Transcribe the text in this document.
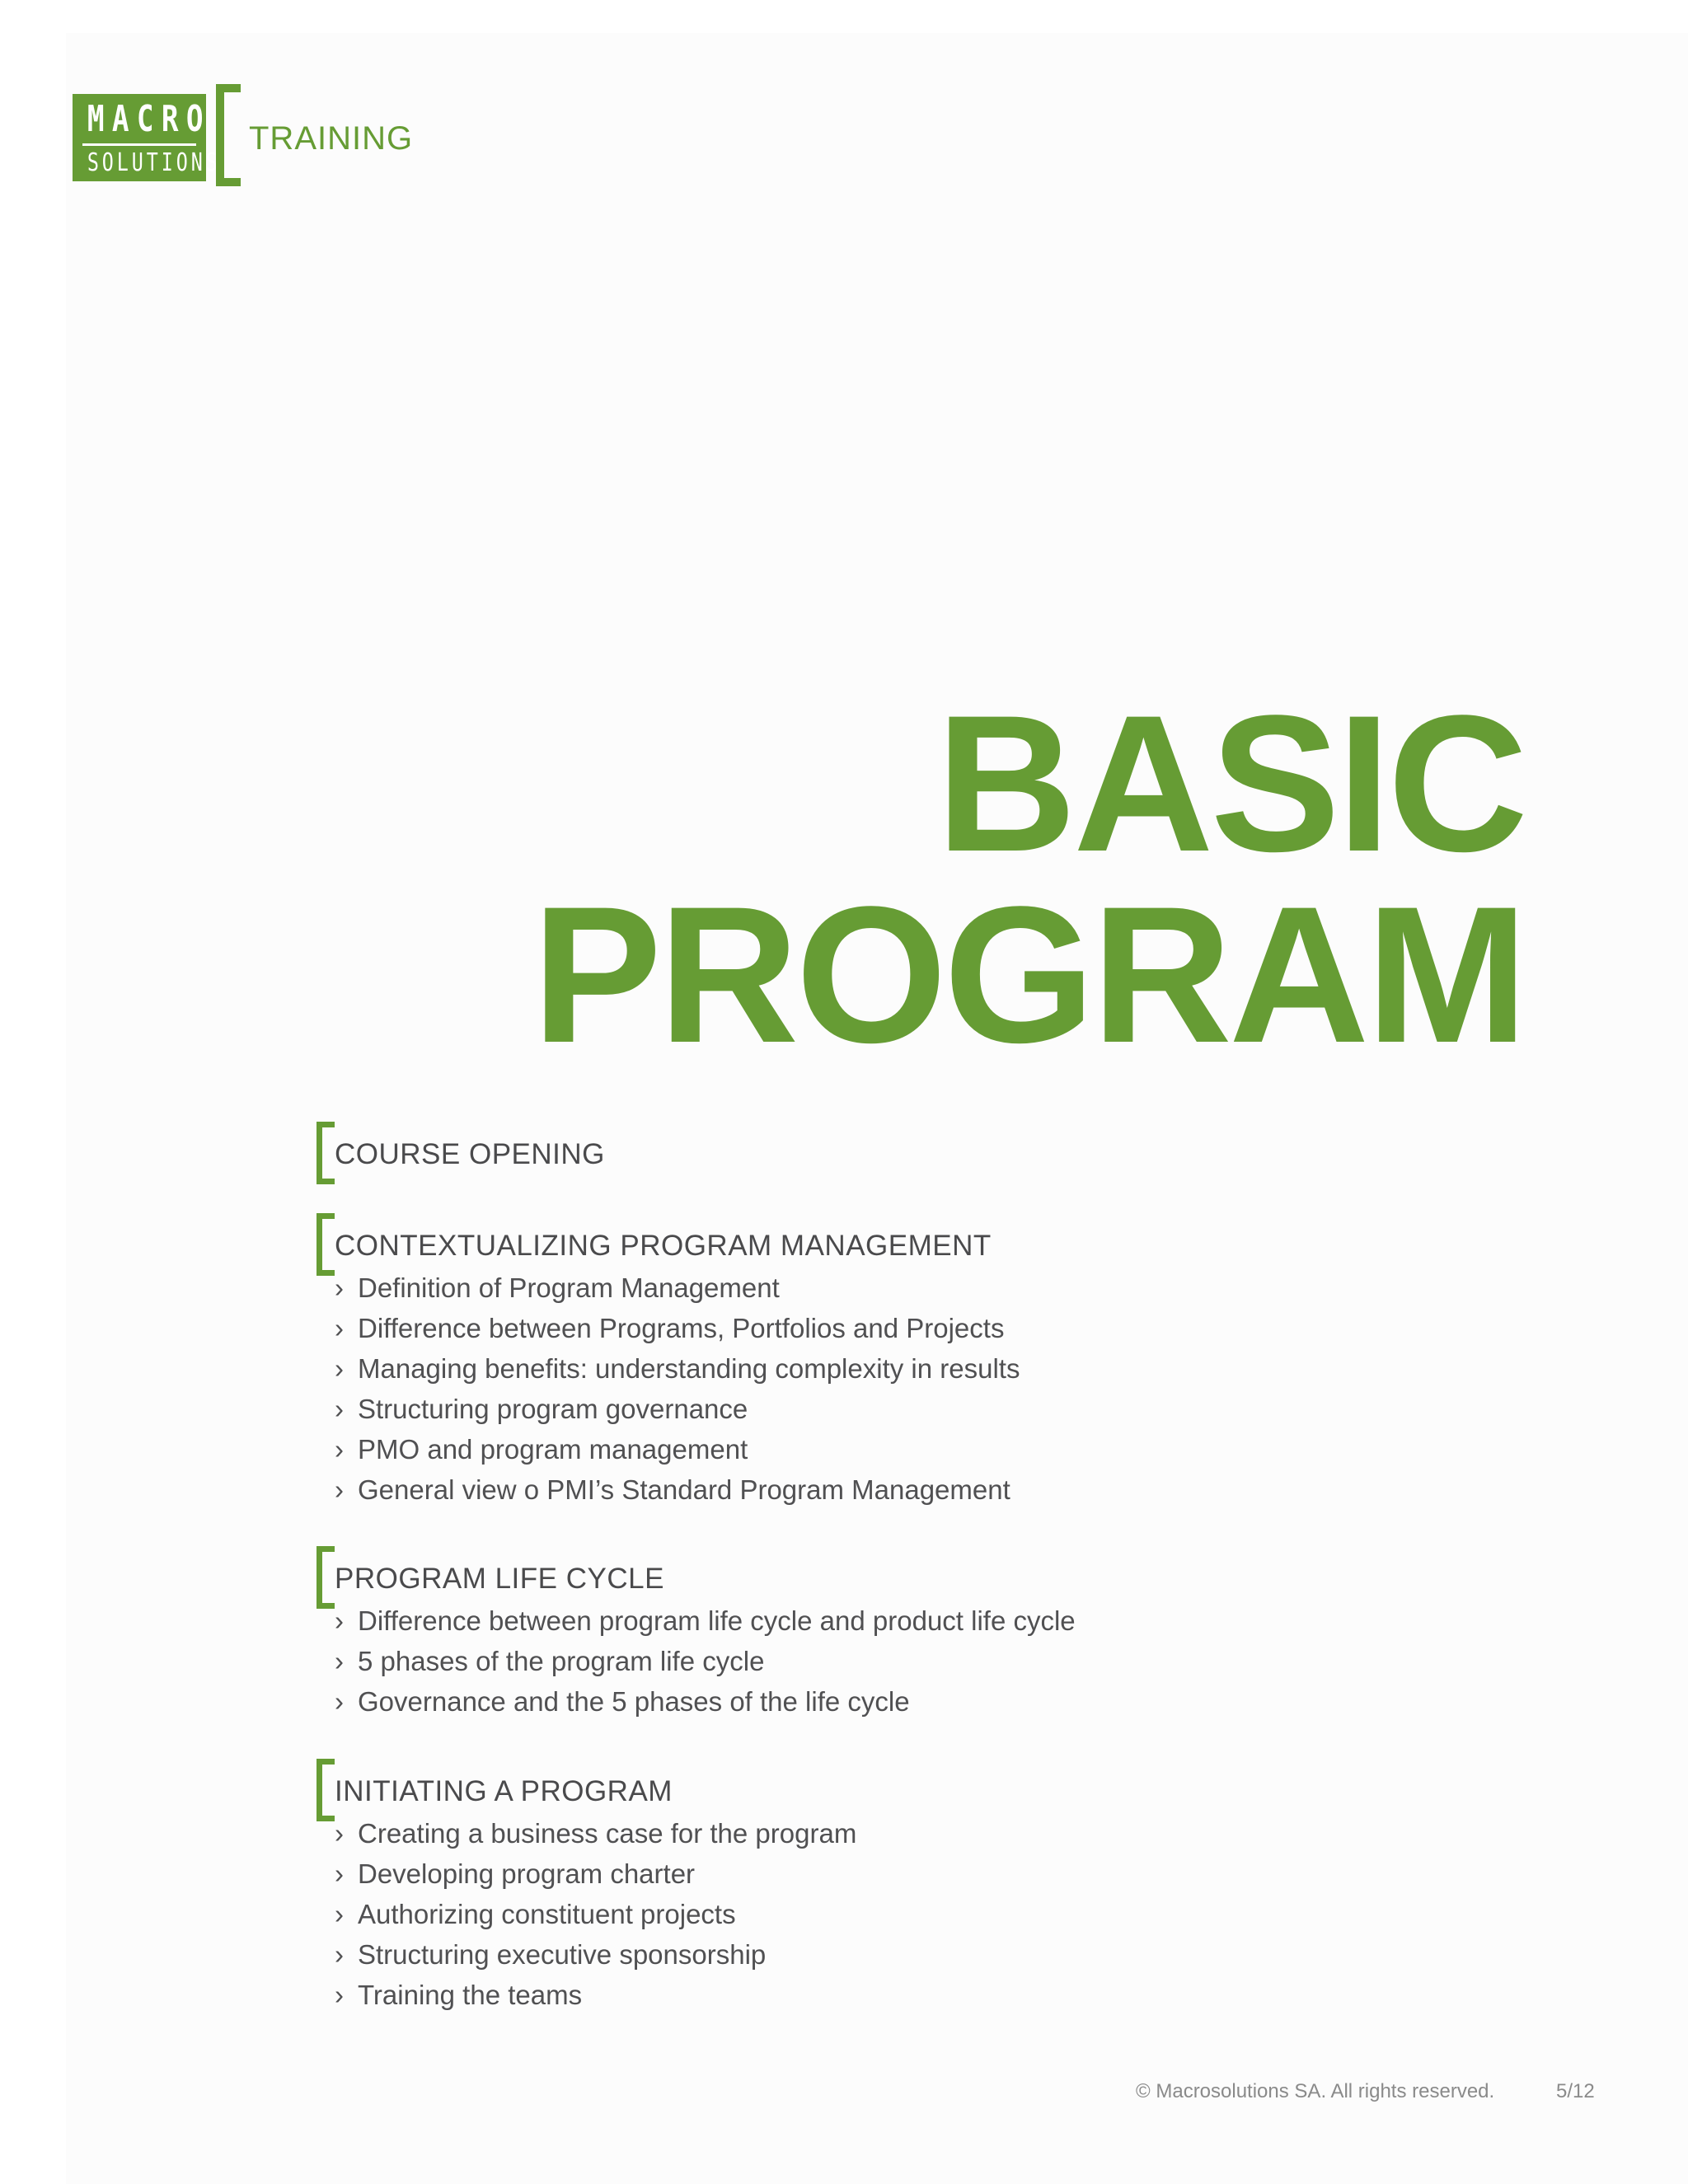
MACRO
SOLUTIONS
TRAINING
BASIC
PROGRAM
COURSE OPENING
CONTEXTUALIZING PROGRAM MANAGEMENT
› Definition of Program Management
› Difference between Programs, Portfolios and Projects
› Managing benefits: understanding complexity in results
› Structuring program governance
› PMO and program management
› General view o PMI’s Standard Program Management
PROGRAM LIFE CYCLE
› Difference between program life cycle and product life cycle
› 5 phases of the program life cycle
› Governance and the 5 phases of the life cycle
INITIATING A PROGRAM
› Creating a business case for the program
› Developing program charter
› Authorizing constituent projects
› Structuring executive sponsorship
› Training the teams
© Macrosolutions SA. All rights reserved.	5/12
